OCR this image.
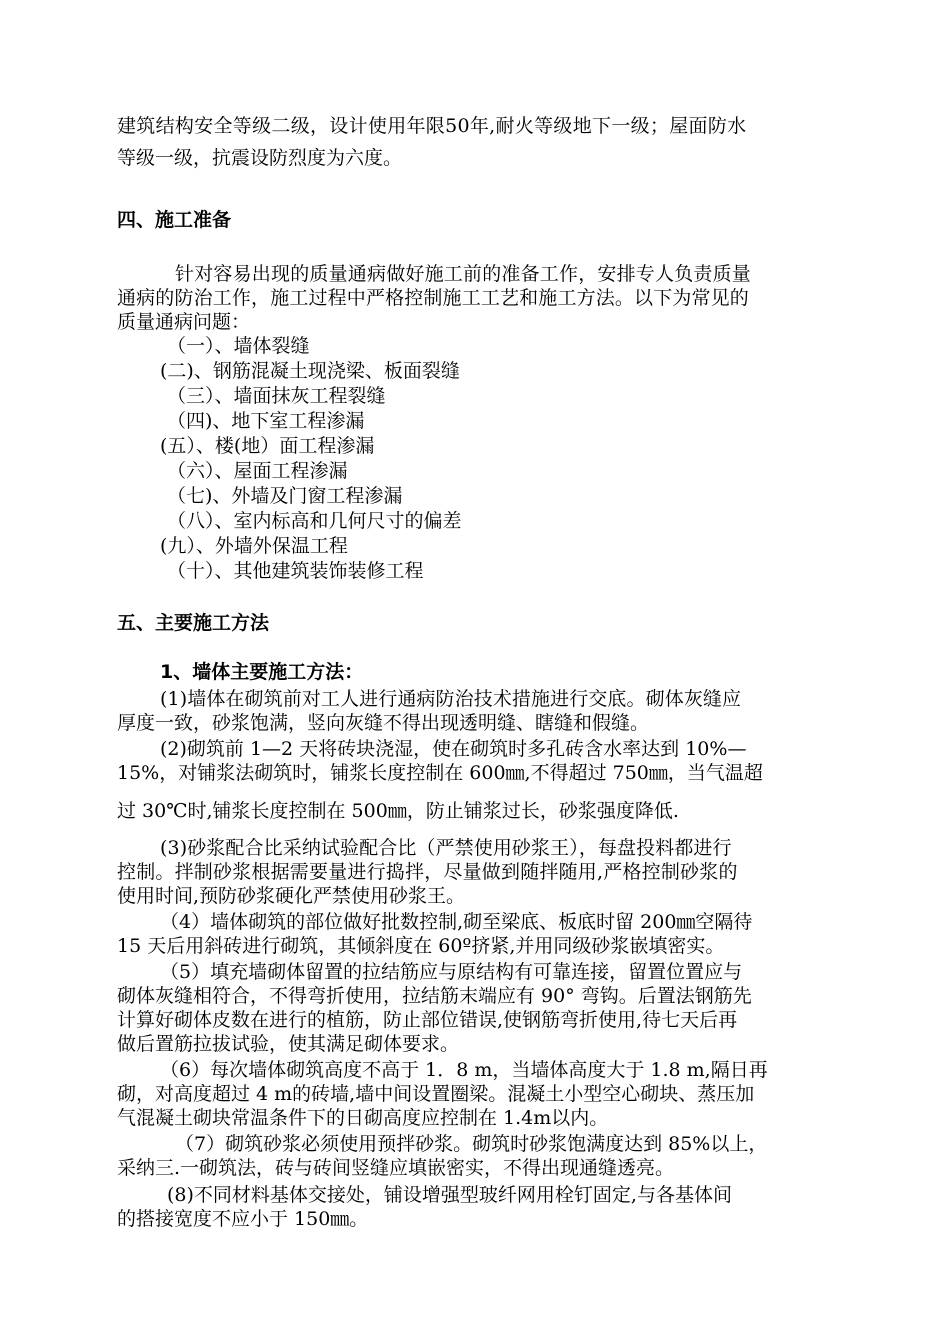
建筑结构安全等级二级，设计使用年限50年,耐火等级地下一级；屋面防水
等级一级，抗震设防烈度为六度。
四、施工准备
针对容易出现的质量通病做好施工前的准备工作，安排专人负责质量
通病的防治工作，施工过程中严格控制施工工艺和施工方法。以下为常见的
质量通病问题：
（一）、墙体裂缝
(二)、钢筋混凝土现浇梁、板面裂缝
（三）、墙面抹灰工程裂缝
（四)、地下室工程渗漏
(五）、楼(地）面工程渗漏
（六）、屋面工程渗漏
（七)、外墙及门窗工程渗漏
（八）、室内标高和几何尺寸的偏差
(九）、外墙外保温工程
（十）、其他建筑装饰装修工程
五、主要施工方法
1、墙体主要施工方法：
(1)墙体在砌筑前对工人进行通病防治技术措施进行交底。砌体灰缝应
厚度一致，砂浆饱满，竖向灰缝不得出现透明缝、瞎缝和假缝。
(2)砌筑前 1—2 天将砖块浇湿，使在砌筑时多孔砖含水率达到 10%—
15%，对铺浆法砌筑时，铺浆长度控制在 600㎜,不得超过 750㎜，当气温超
过 30℃时,铺浆长度控制在 500㎜，防止铺浆过长，砂浆强度降低.
(3)砂浆配合比采纳试验配合比（严禁使用砂浆王），每盘投料都进行
控制。拌制砂浆根据需要量进行捣拌，尽量做到随拌随用,严格控制砂浆的
使用时间,预防砂浆硬化严禁使用砂浆王。
（4）墙体砌筑的部位做好批数控制,砌至梁底、板底时留 200㎜空隔待
15 天后用斜砖进行砌筑，其倾斜度在 60º挤紧,并用同级砂浆嵌填密实。
（5）填充墙砌体留置的拉结筋应与原结构有可靠连接，留置位置应与
砌体灰缝相符合，不得弯折使用，拉结筋末端应有 90° 弯钩。后置法钢筋先
计算好砌体皮数在进行的植筋，防止部位错误,使钢筋弯折使用,待七天后再
做后置筋拉拔试验，使其满足砌体要求。
（6）每次墙体砌筑高度不高于 1．8 m，当墙体高度大于 1.8 m,隔日再
砌，对高度超过 4 m的砖墙,墙中间设置圈梁。混凝土小型空心砌块、蒸压加
气混凝土砌块常温条件下的日砌高度应控制在 1.4m以内。
（7）砌筑砂浆必须使用预拌砂浆。砌筑时砂浆饱满度达到 85%以上，
采纳三.一砌筑法，砖与砖间竖缝应填嵌密实，不得出现通缝透亮。
(8)不同材料基体交接处，铺设增强型玻纤网用栓钉固定,与各基体间
的搭接宽度不应小于 150㎜。
